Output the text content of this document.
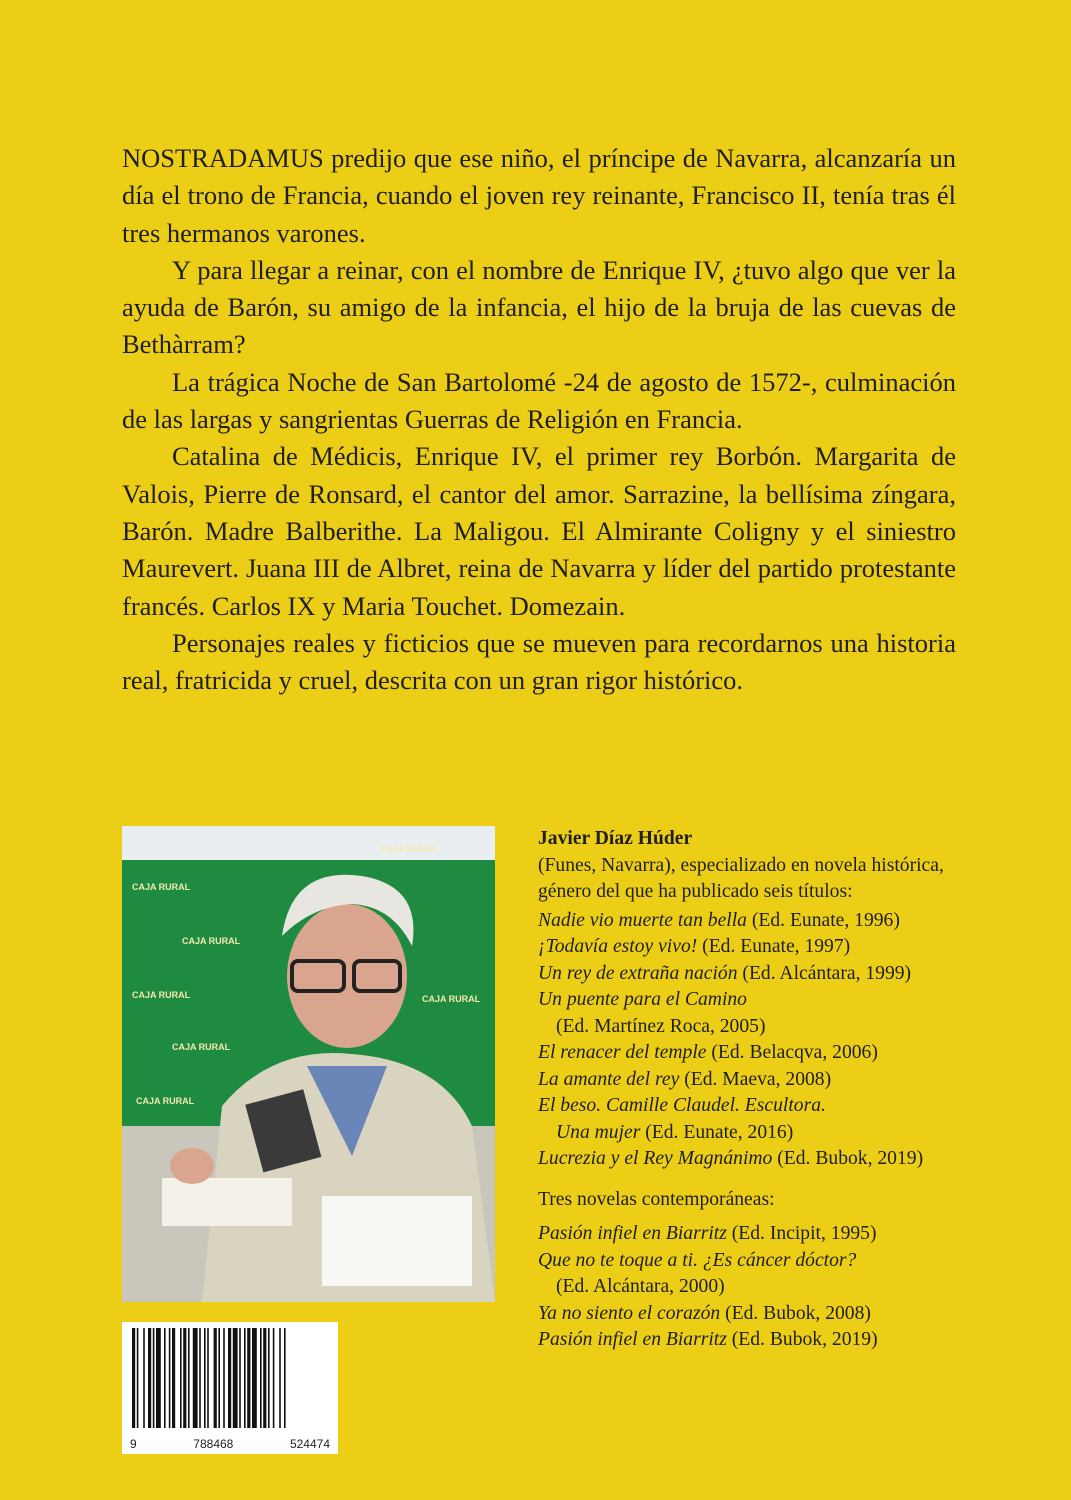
NOSTRADAMUS predijo que ese niño, el príncipe de Navarra, alcanzaría un día el trono de Francia, cuando el joven rey reinante, Francisco II, tenía tras él tres hermanos varones.

Y para llegar a reinar, con el nombre de Enrique IV, ¿tuvo algo que ver la ayuda de Barón, su amigo de la infancia, el hijo de la bruja de las cuevas de Bethàrram?

La trágica Noche de San Bartolomé -24 de agosto de 1572-, culminación de las largas y sangrientas Guerras de Religión en Francia.

Catalina de Médicis, Enrique IV, el primer rey Borbón. Margarita de Valois, Pierre de Ronsard, el cantor del amor. Sarrazine, la bellísima zíngara, Barón. Madre Balberithe. La Maligou. El Almirante Coligny y el siniestro Maurevert. Juana III de Albret, reina de Navarra y líder del partido protestante francés. Carlos IX y Maria Touchet. Domezain.

Personajes reales y ficticios que se mueven para recordarnos una historia real, fratricida y cruel, descrita con un gran rigor histórico.

CAJA RURAL
CAJA RURAL
CAJA RURAL
CAJA RURAL	CAJA RURAL
CAJA RURAL
CAJA RURAL

Javier Díaz Húder

(Funes, Navarra), especializado en novela histórica, género del que ha publicado seis títulos:

Nadie vio muerte tan bella (Ed. Eunate, 1996)
¡Todavía estoy vivo! (Ed. Eunate, 1997)
Un rey de extraña nación (Ed. Alcántara, 1999)
Un puente para el Camino
(Ed. Martínez Roca, 2005)
El renacer del temple (Ed. Belacqva, 2006)
La amante del rey (Ed. Maeva, 2008)
El beso. Camille Claudel. Escultora.
Una mujer (Ed. Eunate, 2016)
Lucrezia y el Rey Magnánimo (Ed. Bubok, 2019)
Tres novelas contemporáneas:
Pasión infiel en Biarritz (Ed. Incipit, 1995)
Que no te toque a ti. ¿Es cáncer dóctor?
(Ed. Alcántara, 2000)
Ya no siento el corazón (Ed. Bubok, 2008)
Pasión infiel en Biarritz (Ed. Bubok, 2019)
9	788468	524474
